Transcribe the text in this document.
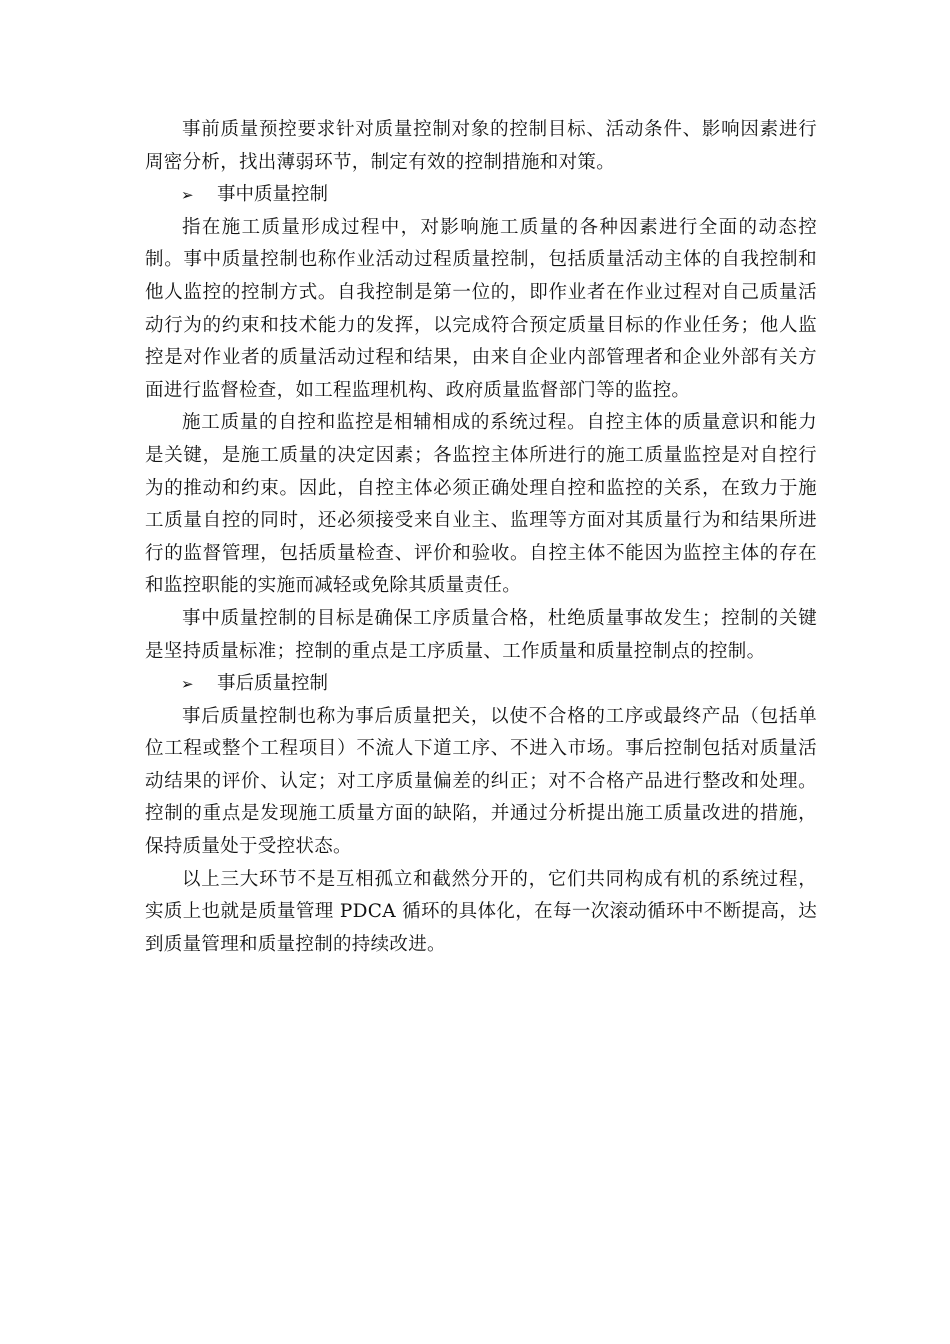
事前质量预控要求针对质量控制对象的控制目标、活动条件、影响因素进行周密分析，找出薄弱环节，制定有效的控制措施和对策。

➢	事中质量控制

指在施工质量形成过程中，对影响施工质量的各种因素进行全面的动态控制。事中质量控制也称作业活动过程质量控制，包括质量活动主体的自我控制和他人监控的控制方式。自我控制是第一位的，即作业者在作业过程对自己质量活动行为的约束和技术能力的发挥，以完成符合预定质量目标的作业任务；他人监控是对作业者的质量活动过程和结果，由来自企业内部管理者和企业外部有关方面进行监督检查，如工程监理机构、政府质量监督部门等的监控。

施工质量的自控和监控是相辅相成的系统过程。自控主体的质量意识和能力是关键，是施工质量的决定因素；各监控主体所进行的施工质量监控是对自控行为的推动和约束。因此，自控主体必须正确处理自控和监控的关系，在致力于施工质量自控的同时，还必须接受来自业主、监理等方面对其质量行为和结果所进行的监督管理，包括质量检查、评价和验收。自控主体不能因为监控主体的存在和监控职能的实施而减轻或免除其质量责任。

事中质量控制的目标是确保工序质量合格，杜绝质量事故发生；控制的关键是坚持质量标准；控制的重点是工序质量、工作质量和质量控制点的控制。

➢	事后质量控制

事后质量控制也称为事后质量把关，以使不合格的工序或最终产品（包括单位工程或整个工程项目）不流人下道工序、不进入市场。事后控制包括对质量活动结果的评价、认定；对工序质量偏差的纠正；对不合格产品进行整改和处理。控制的重点是发现施工质量方面的缺陷，并通过分析提出施工质量改进的措施，保持质量处于受控状态。

以上三大环节不是互相孤立和截然分开的，它们共同构成有机的系统过程，实质上也就是质量管理 PDCA 循环的具体化，在每一次滚动循环中不断提高，达到质量管理和质量控制的持续改进。
